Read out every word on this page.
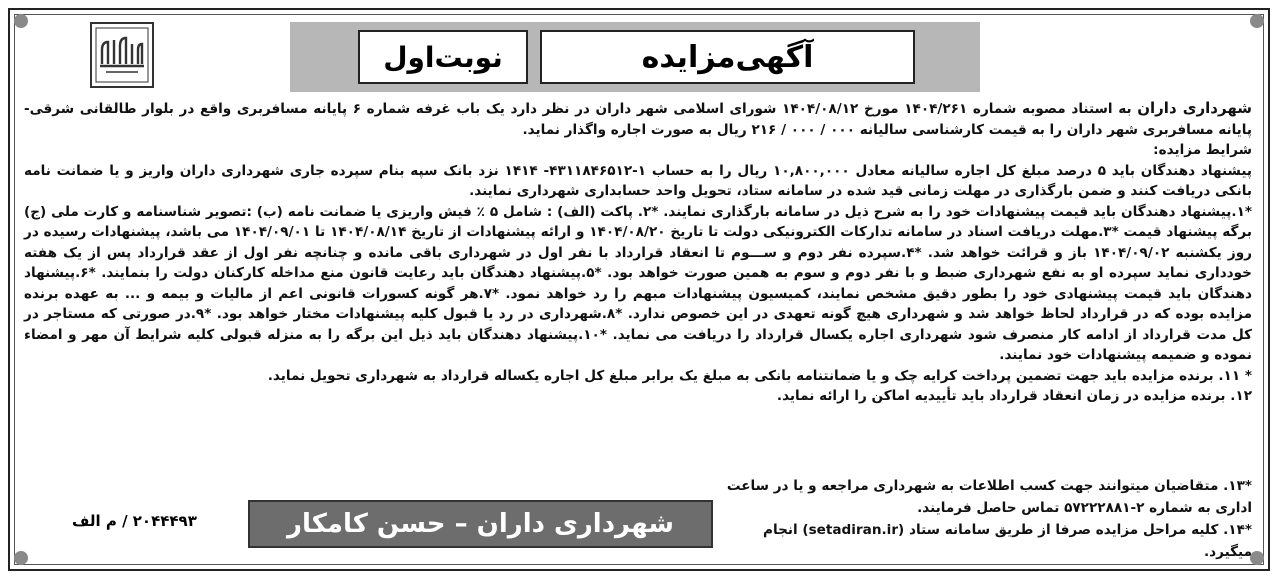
آگهی‌مزایده
نوبت‌اول

شهرداری داران به استناد مصوبه شماره ۱۴۰۴/۲۶۱ مورخ ۱۴۰۴/۰۸/۱۲ شورای اسلامی شهر داران در نظر دارد یک باب غرفه شماره ۶ پایانه مسافربری واقع در بلوار طالقانی شرقی-پایانه مسافربری شهر داران را به قیمت کارشناسی سالیانه ۰۰۰ / ۰۰۰ / ۲۱۶ ریال به صورت اجاره واگذار نماید.

شرایط مزایده:

پیشنهاد دهندگان باید ۵ درصد مبلغ کل اجاره سالیانه معادل ۱۰,۸۰۰,۰۰۰ ریال را به حساب ۱-۴۳۱۱۸۴۶۵۱۲- ۱۴۱۴ نزد بانک سپه بنام سپرده جاری شهرداری داران واریز و یا ضمانت نامه بانکی دریافت کنند و ضمن بارگذاری در مهلت زمانی قید شده در سامانه ستاد، تحویل واحد حسابداری شهرداری نمایند.

*۱.پیشنهاد دهندگان باید قیمت پیشنهادات خود را به شرح ذیل در سامانه بارگذاری نمایند. *۲. پاکت (الف) : شامل ۵ ٪ فیش واریزی یا ضمانت نامه (ب) :تصویر شناسنامه و کارت ملی (ج) برگه پیشنهاد قیمت *۳.مهلت دریافت اسناد در سامانه تدارکات الکترونیکی دولت تا تاریخ ۱۴۰۴/۰۸/۲۰ و ارائه پیشنهادات از تاریخ ۱۴۰۴/۰۸/۱۴ تا ۱۴۰۴/۰۹/۰۱ می باشد، پیشنهادات رسیده در روز یکشنبه ۱۴۰۴/۰۹/۰۲ باز و قرائت خواهد شد. *۴.سپرده نفر دوم و ســـوم تا انعقاد قرارداد با نفر اول در شهرداری باقی مانده و چنانچه نفر اول از عقد قرارداد پس از یک هفته خودداری نماید سپرده او به نفع شهرداری ضبط و با نفر دوم و سوم به همین صورت خواهد بود. *۵.پیشنهاد دهندگان باید رعایت قانون منع مداخله کارکنان دولت را بنمایند. *۶.پیشنهاد دهندگان باید قیمت پیشنهادی خود را بطور دقیق مشخص نمایند، کمیسیون پیشنهادات مبهم را رد خواهد نمود. *۷.هر گونه کسورات قانونی اعم از مالیات و بیمه و ... به عهده برنده مزایده بوده که در قرارداد لحاظ خواهد شد و شهرداری هیچ گونه تعهدی در این خصوص ندارد. *۸.شهرداری در رد یا قبول کلیه پیشنهادات مختار خواهد بود. *۹.در صورتی که مستاجر در کل مدت قرارداد از ادامه کار منصرف شود شهرداری اجاره یکسال قرارداد را دریافت می نماید. *۱۰.پیشنهاد دهندگان باید ذیل این برگه را به منزله قبولی کلیه شرایط آن مهر و امضاء نموده و ضمیمه پیشنهادات خود نمایند.

* ۱۱. برنده مزایده باید جهت تضمین پرداخت کرایه چک و یا ضمانتنامه بانکی به مبلغ یک برابر مبلغ کل اجاره یکساله قرارداد به شهرداری تحویل نماید.

۱۲. برنده مزایده در زمان انعقاد قرارداد باید تأییدیه اماکن را ارائه نماید.

*۱۳. متقاضیان میتوانند جهت کسب اطلاعات به شهرداری مراجعه و یا در ساعت اداری به شماره ۲-۵۷۲۲۲۸۸۱ تماس حاصل فرمایند.

*۱۴. کلیه مراحل مزایده صرفا از طریق سامانه ستاد (setadiran.ir) انجام میگیرد.

شهرداری داران – حسن کامکار
۲۰۴۴۴۹۳ / م الف
